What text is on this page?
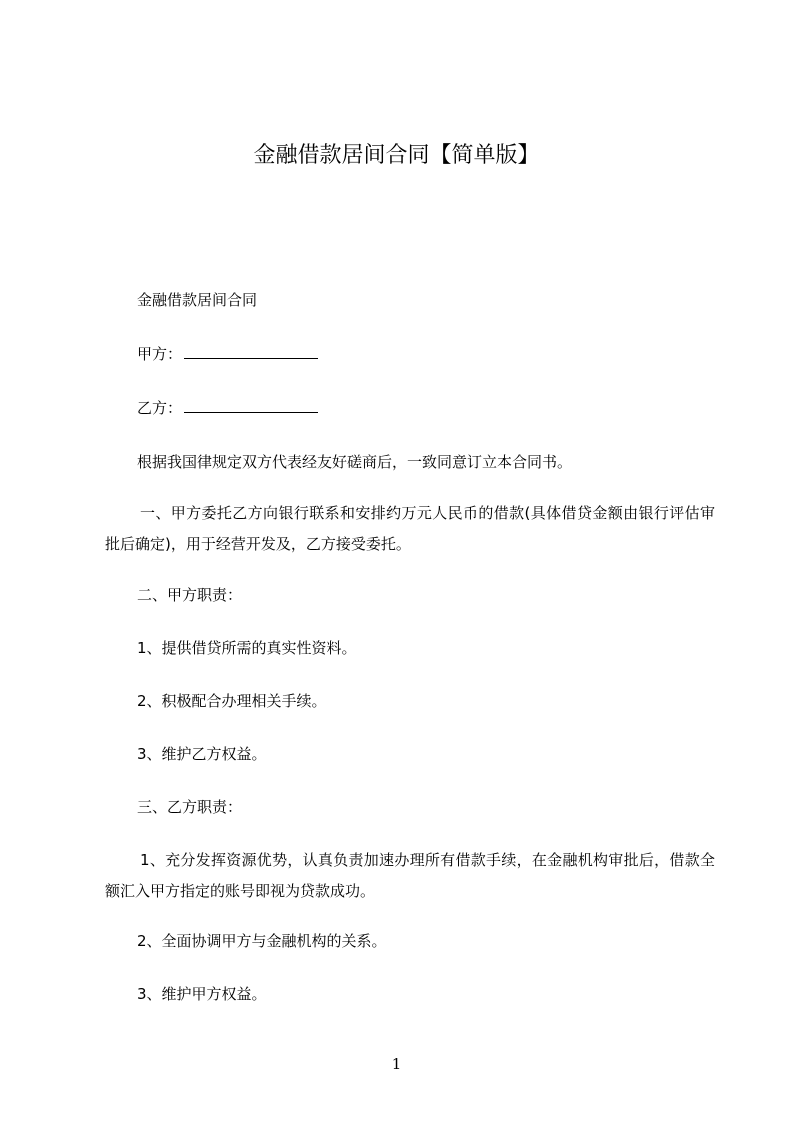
金融借款居间合同【简单版】
金融借款居间合同
甲方：
乙方：
根据我国律规定双方代表经友好磋商后，一致同意订立本合同书。
一、甲方委托乙方向银行联系和安排约万元人民币的借款(具体借贷金额由银行评估审批后确定)，用于经营开发及，乙方接受委托。
二、甲方职责：
1、提供借贷所需的真实性资料。
2、积极配合办理相关手续。
3、维护乙方权益。
三、乙方职责：
1、充分发挥资源优势，认真负责加速办理所有借款手续，在金融机构审批后，借款全额汇入甲方指定的账号即视为贷款成功。
2、全面协调甲方与金融机构的关系。
3、维护甲方权益。
1
